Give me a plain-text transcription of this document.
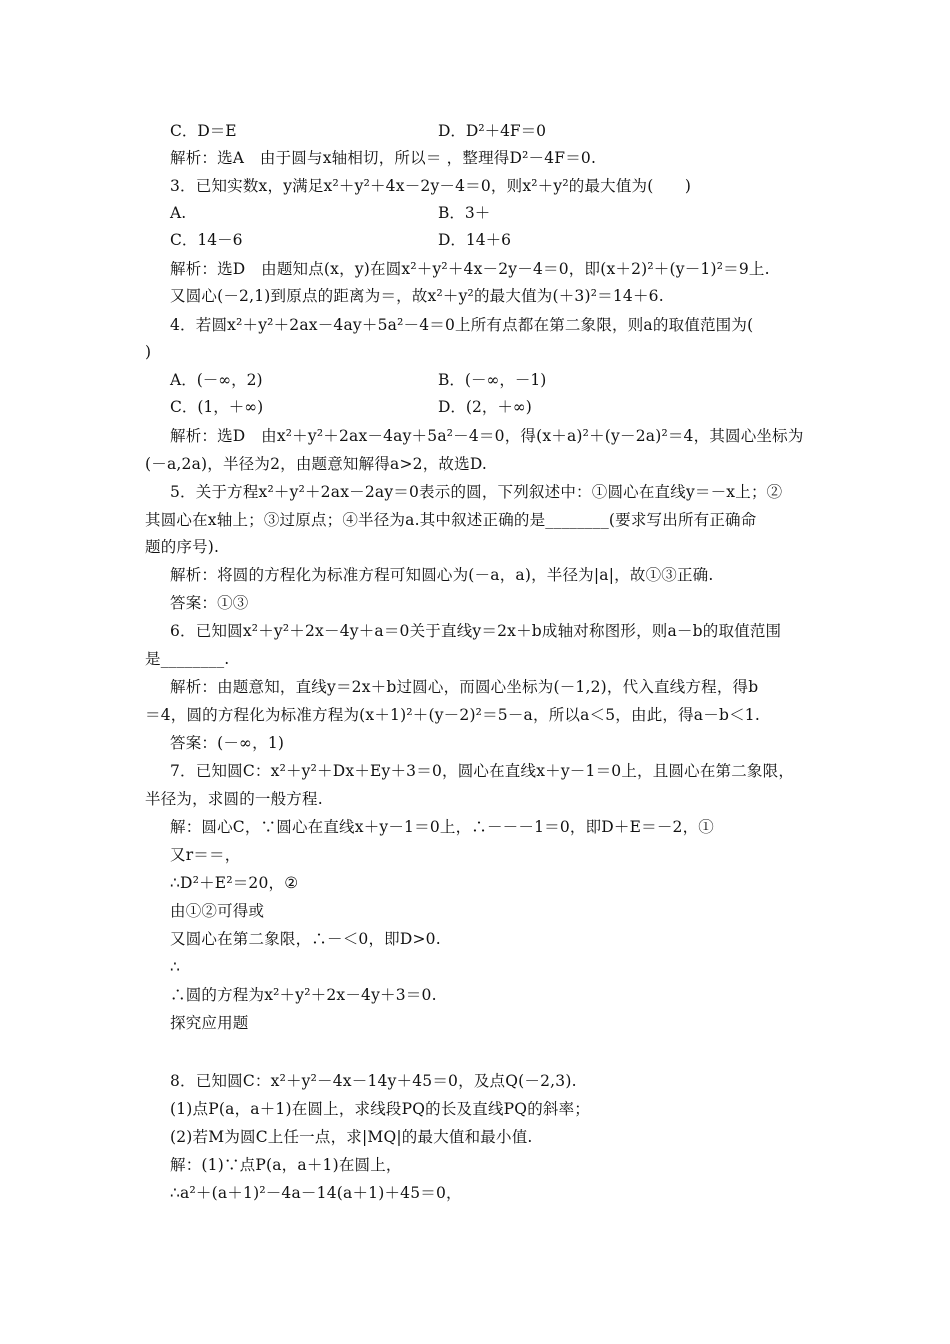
C．D＝E	D．D²＋4F＝0
解析：选A　由于圆与x轴相切，所以＝ ，整理得D²－4F＝0.
3．已知实数x，y满足x²＋y²＋4x－2y－4＝0，则x²＋y²的最大值为(　　)
A.	B．3＋
C．14－6	D．14＋6
解析：选D　由题知点(x，y)在圆x²＋y²＋4x－2y－4＝0，即(x＋2)²＋(y－1)²＝9上.
又圆心(－2,1)到原点的距离为＝，故x²＋y²的最大值为(＋3)²＝14＋6.
4．若圆x²＋y²＋2ax－4ay＋5a²－4＝0上所有点都在第二象限，则a的取值范围为(
)
A．(－∞，2)	B．(－∞，－1)
C．(1，＋∞)	D．(2，＋∞)
解析：选D　由x²＋y²＋2ax－4ay＋5a²－4＝0，得(x＋a)²＋(y－2a)²＝4，其圆心坐标为
(－a,2a)，半径为2，由题意知解得a>2，故选D.
5．关于方程x²＋y²＋2ax－2ay＝0表示的圆，下列叙述中：①圆心在直线y＝－x上；②
其圆心在x轴上；③过原点；④半径为a.其中叙述正确的是________(要求写出所有正确命
题的序号).
解析：将圆的方程化为标准方程可知圆心为(－a，a)，半径为|a|，故①③正确.
答案：①③
6．已知圆x²＋y²＋2x－4y＋a＝0关于直线y＝2x＋b成轴对称图形，则a－b的取值范围
是________.
解析：由题意知，直线y＝2x＋b过圆心，而圆心坐标为(－1,2)，代入直线方程，得b
＝4，圆的方程化为标准方程为(x＋1)²＋(y－2)²＝5－a，所以a＜5，由此，得a－b＜1.
答案：(－∞，1)
7．已知圆C：x²＋y²＋Dx＋Ey＋3＝0，圆心在直线x＋y－1＝0上，且圆心在第二象限，
半径为，求圆的一般方程.
解：圆心C，∵圆心在直线x＋y－1＝0上，∴－－－1＝0，即D＋E＝－2，①
又r＝＝，
∴D²＋E²＝20，②
由①②可得或
又圆心在第二象限，∴－＜0，即D>0.
∴
∴圆的方程为x²＋y²＋2x－4y＋3＝0.
探究应用题
8．已知圆C：x²＋y²－4x－14y＋45＝0，及点Q(－2,3).
(1)点P(a，a＋1)在圆上，求线段PQ的长及直线PQ的斜率；
(2)若M为圆C上任一点，求|MQ|的最大值和最小值.
解：(1)∵点P(a，a＋1)在圆上，
∴a²＋(a＋1)²－4a－14(a＋1)＋45＝0，
